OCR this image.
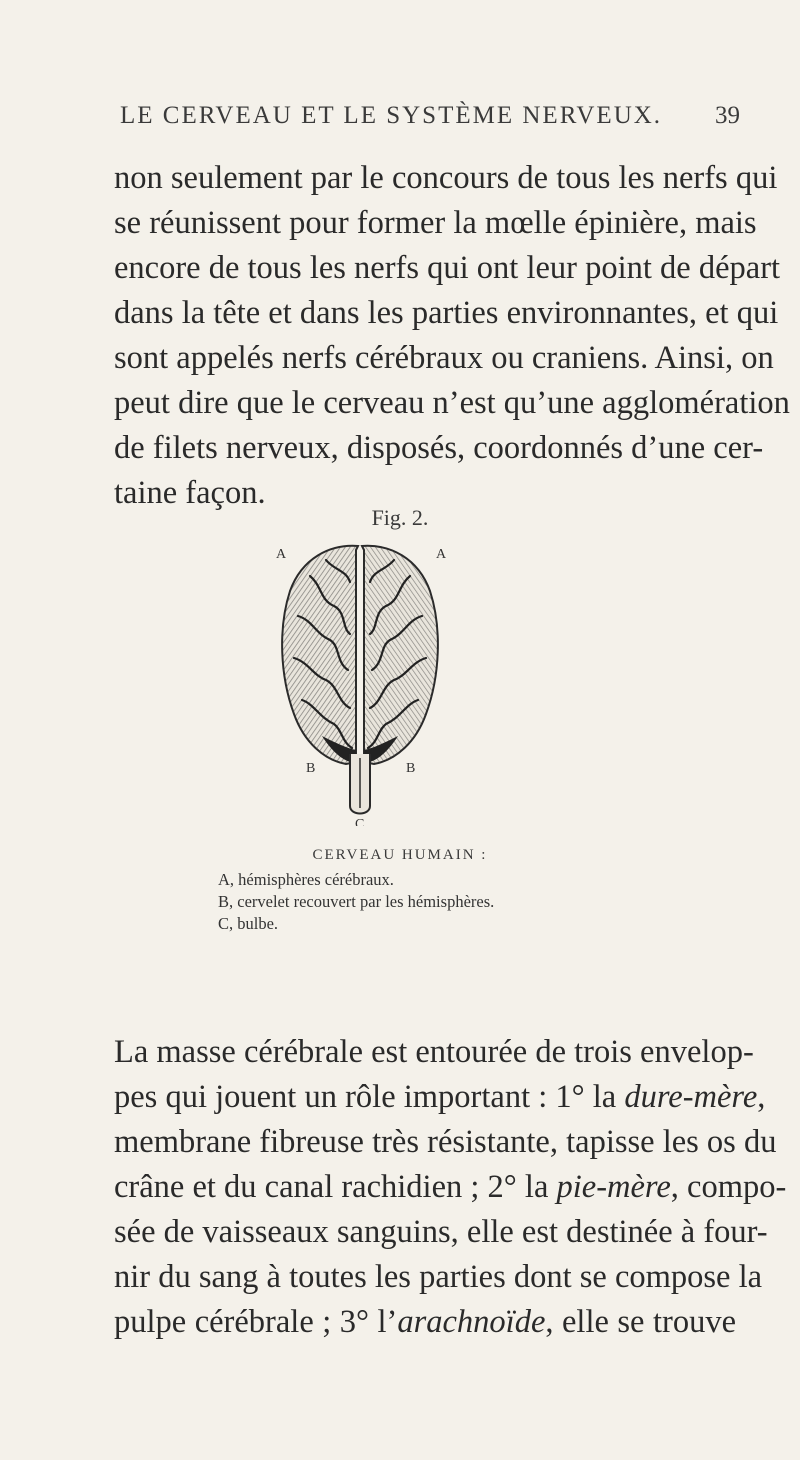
LE CERVEAU ET LE SYSTÈME NERVEUX. 39
non seulement par le concours de tous les nerfs qui
se réunissent pour former la mœlle épinière, mais
encore de tous les nerfs qui ont leur point de départ
dans la tête et dans les parties environnantes, et qui
sont appelés nerfs cérébraux ou craniens. Ainsi, on
peut dire que le cerveau n’est qu’une agglomération
de filets nerveux, disposés, coordonnés d’une cer-
taine façon.
Fig. 2.
A	A
B	B
C
CERVEAU HUMAIN :
A, hémisphères cérébraux.
B, cervelet recouvert par les hémisphères.
C, bulbe.
La masse cérébrale est entourée de trois envelop-
pes qui jouent un rôle important : 1° la dure-mère,
membrane fibreuse très résistante, tapisse les os du
crâne et du canal rachidien ; 2° la pie-mère, compo-
sée de vaisseaux sanguins, elle est destinée à four-
nir du sang à toutes les parties dont se compose la
pulpe cérébrale ; 3° l’arachnoïde, elle se trouve
